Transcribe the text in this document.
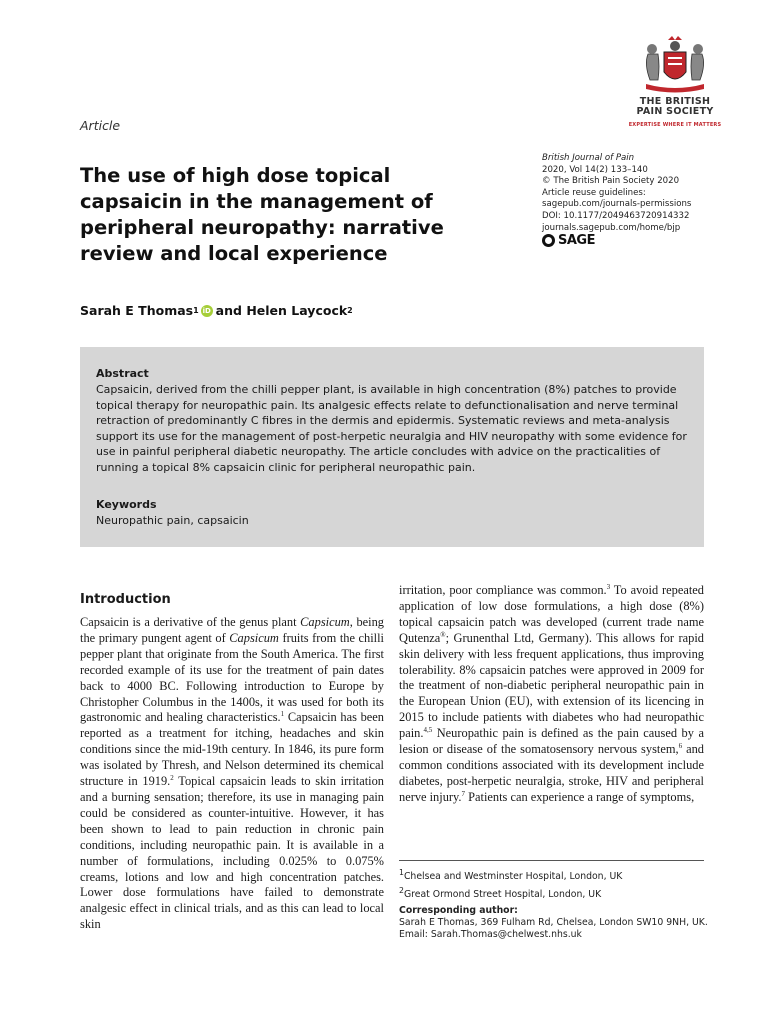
THE BRITISH
PAIN SOCIETY
EXPERTISE WHERE IT MATTERS
Article
The use of high dose topical capsaicin in the management of peripheral neuropathy: narrative review and local experience
British Journal of Pain
2020, Vol 14(2) 133–140
© The British Pain Society 2020
Article reuse guidelines:
sagepub.com/journals-permissions
DOI: 10.1177/2049463720914332
journals.sagepub.com/home/bjp
SAGE
Sarah E Thomas 1 iD and
Helen Laycock 2
Abstract
Capsaicin, derived from the chilli pepper plant, is available in high concentration (8%) patches to provide topical therapy for neuropathic pain. Its analgesic effects relate to defunctionalisation and nerve terminal retraction of predominantly C fibres in the dermis and epidermis. Systematic reviews and meta-analysis support its use for the management of post-herpetic neuralgia and HIV neuropathy with some evidence for use in painful peripheral diabetic neuropathy. The article concludes with advice on the practicalities of running a topical 8% capsaicin clinic for peripheral neuropathic pain.
Keywords
Neuropathic pain, capsaicin
Introduction
Capsaicin is a derivative of the genus plant Capsicum, being the primary pungent agent of Capsicum fruits from the chilli pepper plant that originate from the South America. The first recorded example of its use for the treatment of pain dates back to 4000 BC. Following introduction to Europe by Christopher Columbus in the 1400s, it was used for both its gastronomic and healing characteristics.$^1$ Capsaicin has been reported as a treatment for itching, headaches and skin conditions since the mid-19th century. In 1846, its pure form was isolated by Thresh, and Nelson determined its chemical structure in 1919.$^2$ Topical capsaicin leads to skin irritation and a burning sensation; therefore, its use in managing pain could be considered as counter-intuitive. However, it has been shown to lead to pain reduction in chronic pain conditions, including neuropathic pain. It is available in a number of formulations, including 0.025% to 0.075% creams, lotions and low and high concentration patches. Lower dose formulations have failed to demonstrate analgesic effect in clinical trials, and as this can lead to local skin
irritation, poor compliance was common.$^3$ To avoid repeated application of low dose formulations, a high dose (8%) topical capsaicin patch was developed (current trade name Qutenza®; Grunenthal Ltd, Germany). This allows for rapid skin delivery with less frequent applications, thus improving tolerability. 8% capsaicin patches were approved in 2009 for the treatment of non-diabetic peripheral neuropathic pain in the European Union (EU), with extension of its licencing in 2015 to include patients with diabetes who had neuropathic pain.$^{4,5}$ Neuropathic pain is defined as the pain caused by a lesion or disease of the somatosensory nervous system,$^6$ and common conditions associated with its development include diabetes, post-herpetic neuralgia, stroke, HIV and peripheral nerve injury.$^7$ Patients can experience a range of symptoms,
$^1$Chelsea and Westminster Hospital, London, UK
$^2$Great Ormond Street Hospital, London, UK
Corresponding author:
Sarah E Thomas, 369 Fulham Rd, Chelsea, London SW10 9NH, UK.
Email: Sarah.Thomas@chelwest.nhs.uk
